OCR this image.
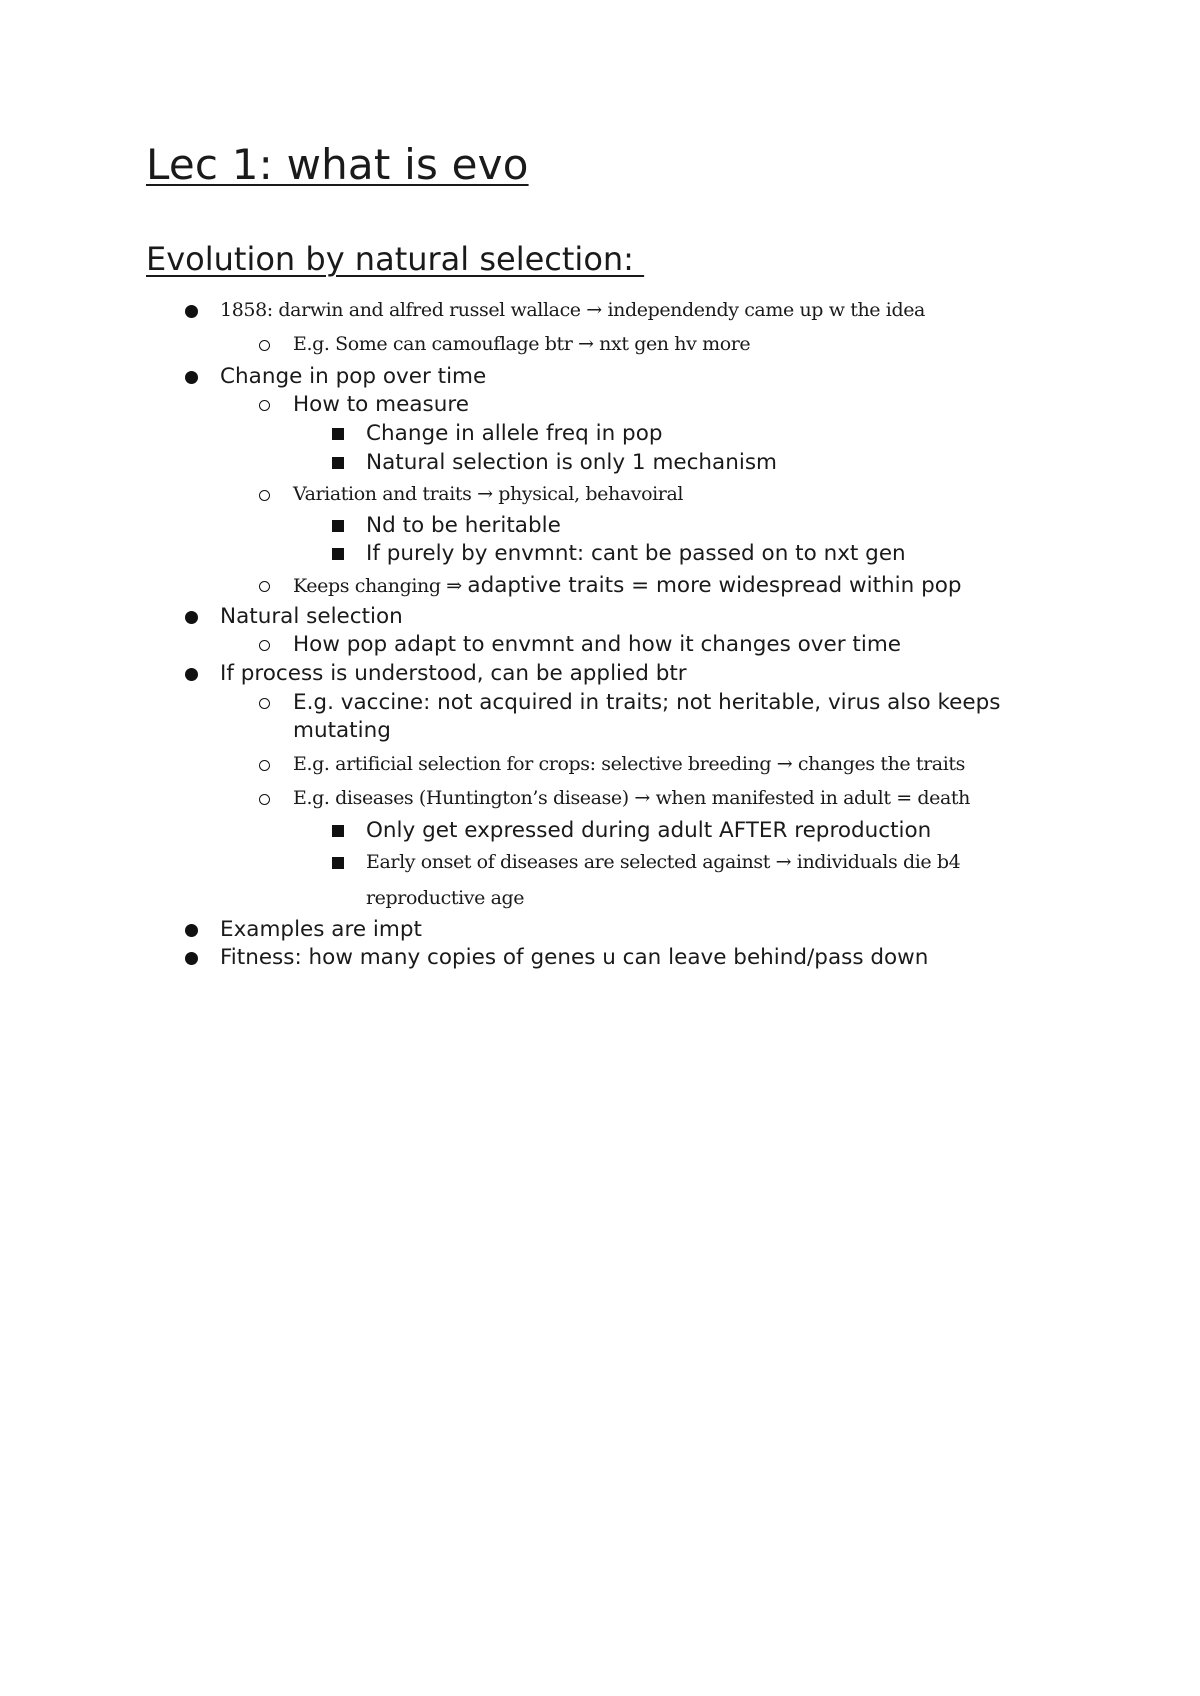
Lec 1: what is evo
Evolution by natural selection:
1858: darwin and alfred russel wallace → independendy came up w the idea
E.g. Some can camouflage btr → nxt gen hv more
Change in pop over time
How to measure
Change in allele freq in pop
Natural selection is only 1 mechanism
Variation and traits → physical, behavoiral
Nd to be heritable
If purely by envmnt: cant be passed on to nxt gen
Keeps changing ⇒ adaptive traits = more widespread within pop
Natural selection
How pop adapt to envmnt and how it changes over time
If process is understood, can be applied btr
E.g. vaccine: not acquired in traits; not heritable, virus also keeps
mutating
E.g. artificial selection for crops: selective breeding → changes the traits
E.g. diseases (Huntington’s disease) → when manifested in adult = death
Only get expressed during adult AFTER reproduction
Early onset of diseases are selected against → individuals die b4
reproductive age
Examples are impt
Fitness: how many copies of genes u can leave behind/pass down
